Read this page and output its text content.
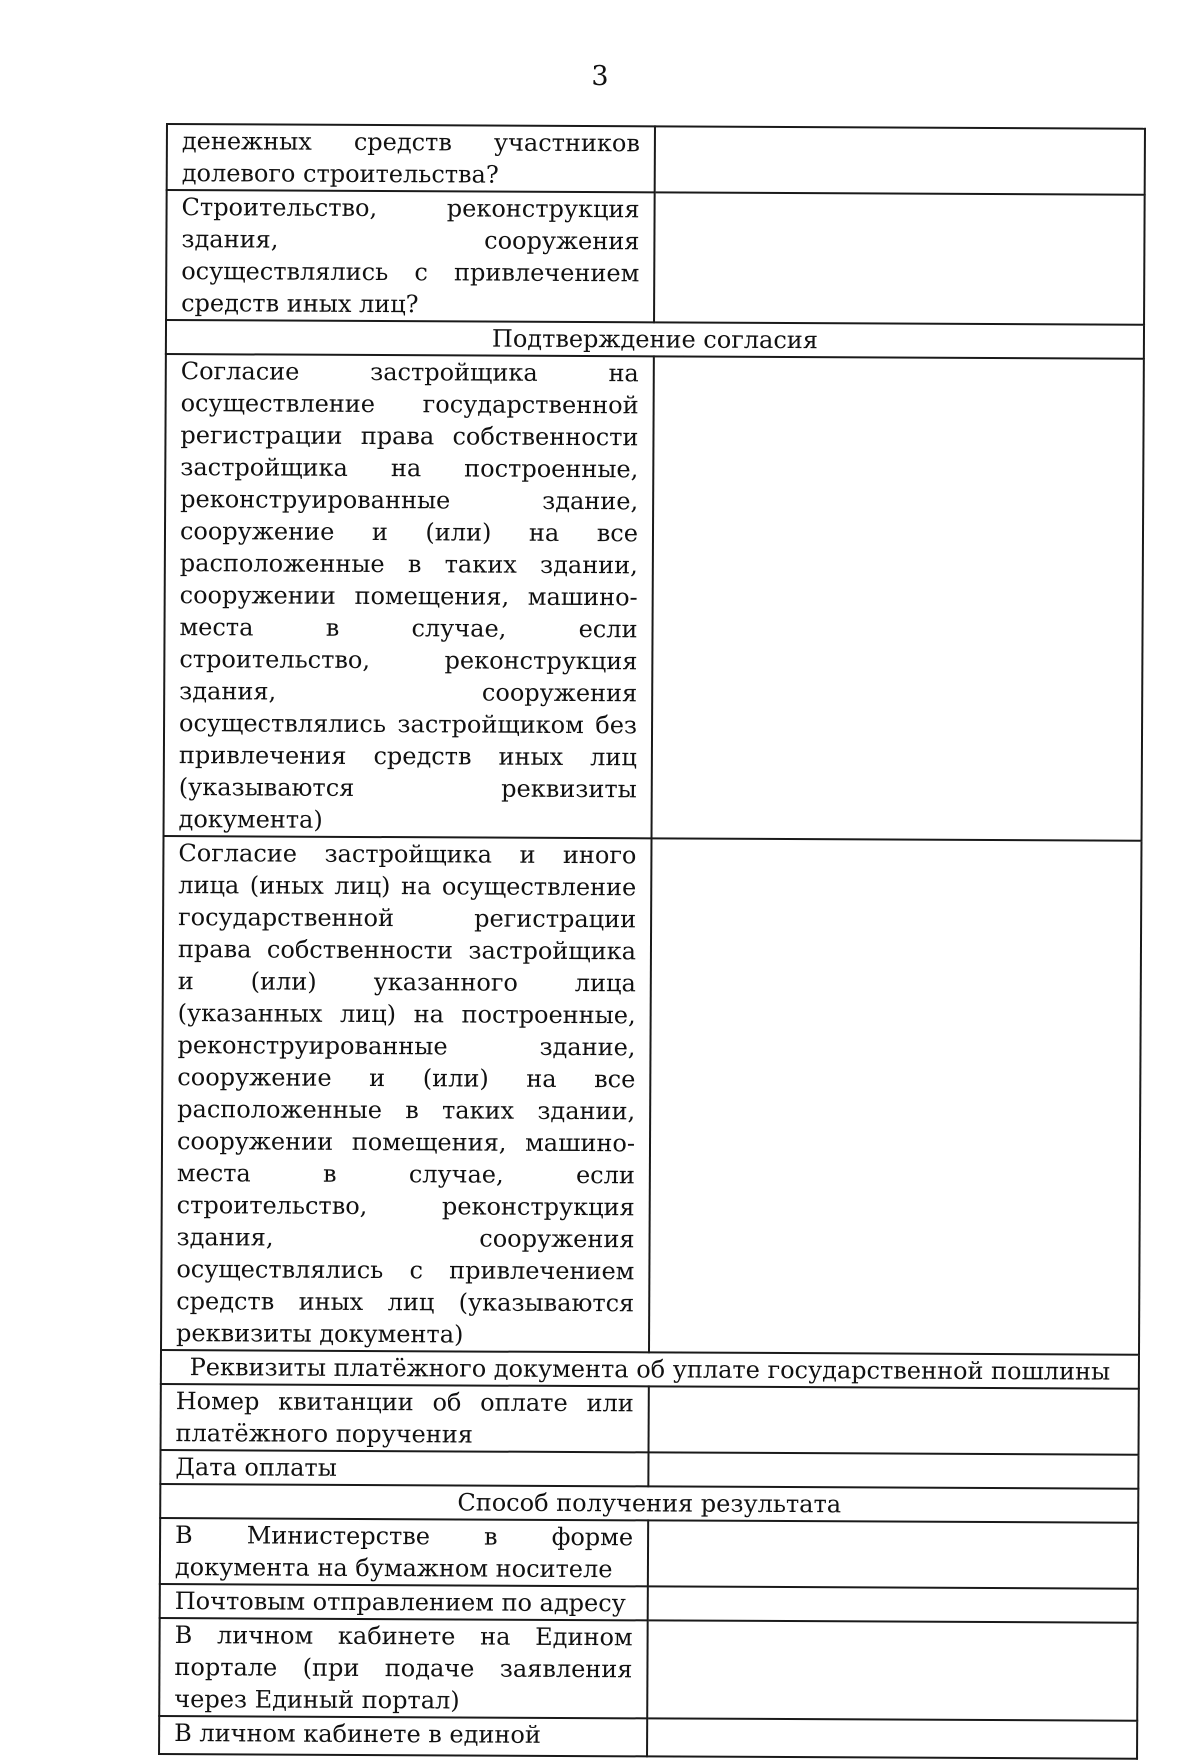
3
денежных средств участников долевого строительства?	
Строительство, реконструкция здания, сооружения осуществлялись с привлечением средств иных лиц?	
Подтверждение согласия	
Согласие застройщика на осуществление государственной регистрации права собственности застройщика на построенные, реконструированные здание, сооружение и (или) на все расположенные в таких здании, сооружении помещения, машино-места в случае, если строительство, реконструкция здания, сооружения осуществлялись застройщиком без привлечения средств иных лиц (указываются реквизиты документа)	
Согласие застройщика и иного лица (иных лиц) на осуществление государственной регистрации права собственности застройщика и (или) указанного лица (указанных лиц) на построенные, реконструированные здание, сооружение и (или) на все расположенные в таких здании, сооружении помещения, машино-места в случае, если строительство, реконструкция здания, сооружения осуществлялись с привлечением средств иных лиц (указываются реквизиты документа)	
Реквизиты платёжного документа об уплате государственной пошлины	
Номер квитанции об оплате или платёжного поручения	
Дата оплаты	
Способ получения результата	
В Министерстве в форме документа на бумажном носителе	
Почтовым отправлением по адресу	
В личном кабинете на Едином портале (при подаче заявления через Единый портал)	
В личном кабинете в единой	
